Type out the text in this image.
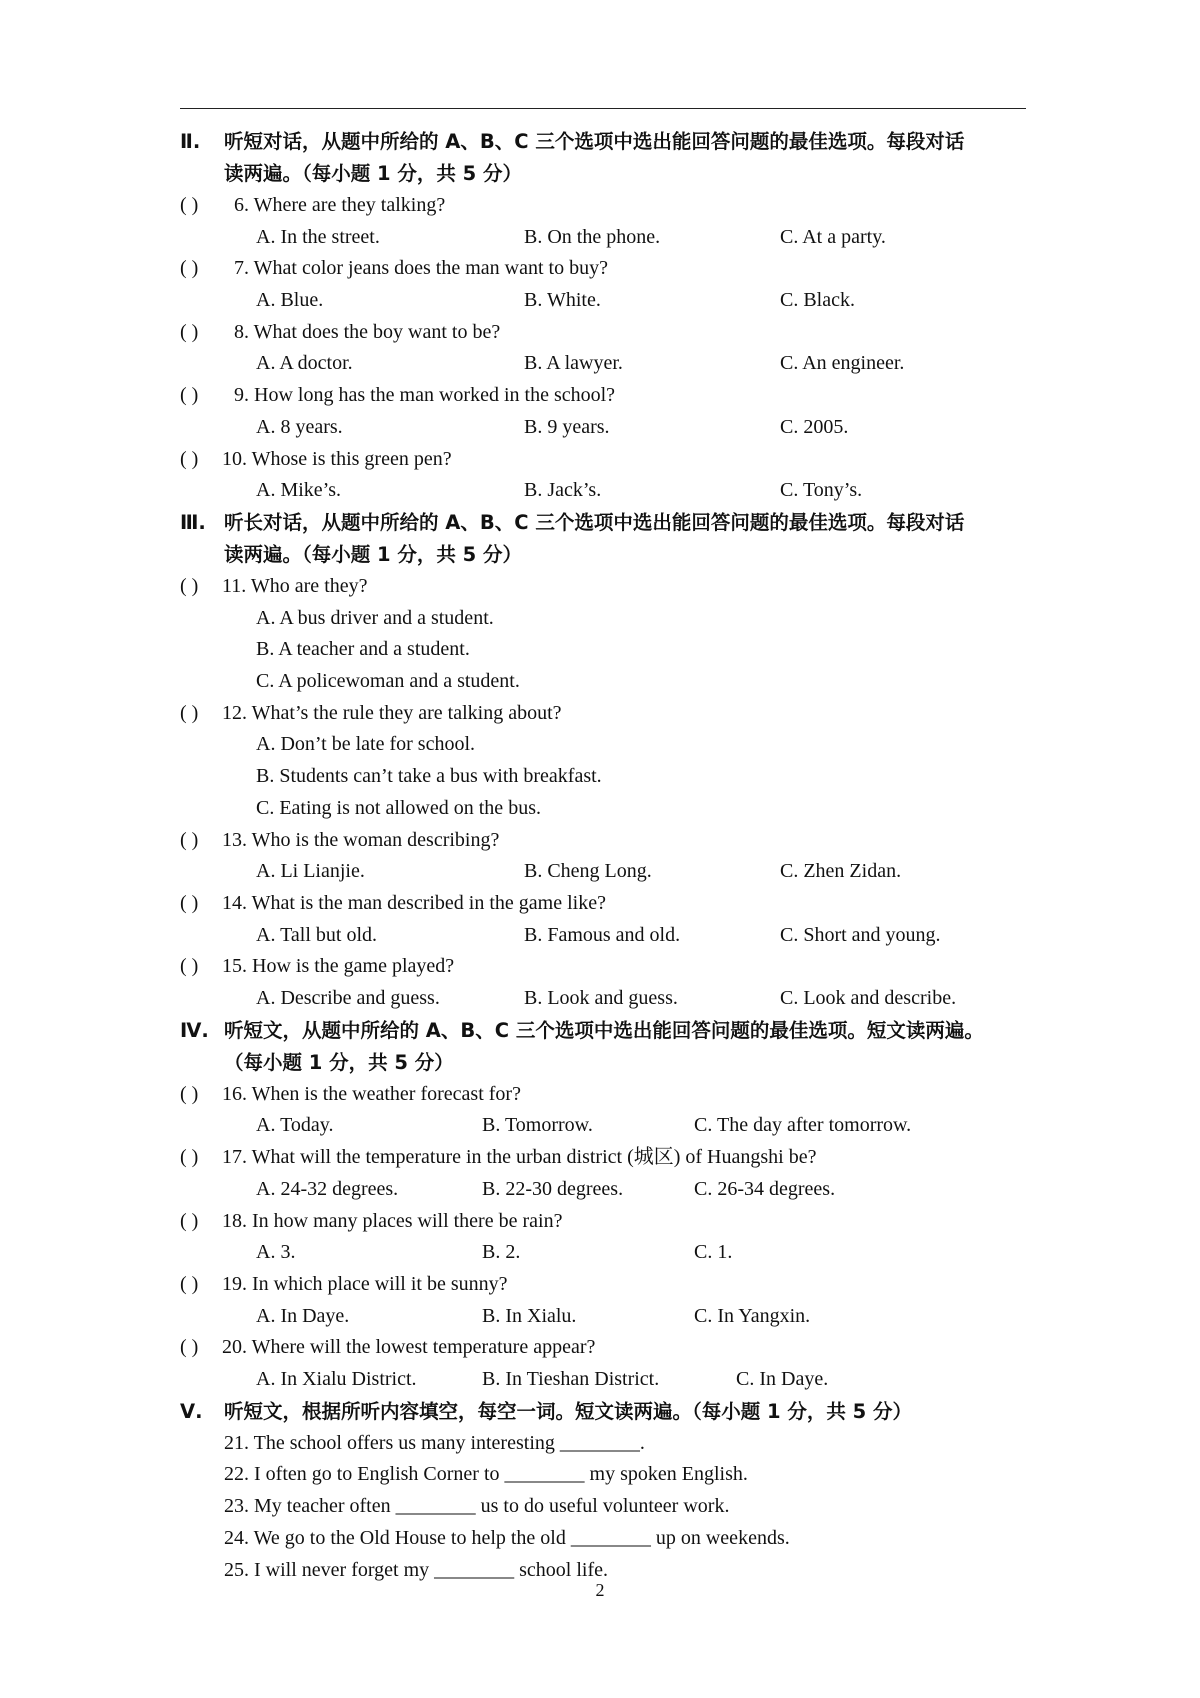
Ⅱ. 听短对话，从题中所给的 A、B、C 三个选项中选出能回答问题的最佳选项。每段对话
读两遍。（每小题 1 分，共 5 分）
( ) 6. Where are they talking?
A. In the street.	B. On the phone.	C. At a party.
( ) 7. What color jeans does the man want to buy?
A. Blue.	B. White.	C. Black.
( ) 8. What does the boy want to be?
A. A doctor.	B. A lawyer.	C. An engineer.
( ) 9. How long has the man worked in the school?
A. 8 years.	B. 9 years.	C. 2005.
( ) 10. Whose is this green pen?
A. Mike’s.	B. Jack’s.	C. Tony’s.
Ⅲ. 听长对话，从题中所给的 A、B、C 三个选项中选出能回答问题的最佳选项。每段对话
读两遍。（每小题 1 分，共 5 分）
( ) 11. Who are they?
A. A bus driver and a student.
B. A teacher and a student.
C. A policewoman and a student.
( ) 12. What’s the rule they are talking about?
A. Don’t be late for school.
B. Students can’t take a bus with breakfast.
C. Eating is not allowed on the bus.
( ) 13. Who is the woman describing?
A. Li Lianjie.	B. Cheng Long.	C. Zhen Zidan.
( ) 14. What is the man described in the game like?
A. Tall but old.	B. Famous and old.	C. Short and young.
( ) 15. How is the game played?
A. Describe and guess.	B. Look and guess.	C. Look and describe.
Ⅳ. 听短文，从题中所给的 A、B、C 三个选项中选出能回答问题的最佳选项。短文读两遍。
（每小题 1 分，共 5 分）
( ) 16. When is the weather forecast for?
A. Today.	B. Tomorrow.	C. The day after tomorrow.
( ) 17. What will the temperature in the urban district (城区) of Huangshi be?
A. 24-32 degrees.	B. 22-30 degrees.	C. 26-34 degrees.
( ) 18. In how many places will there be rain?
A. 3.	B. 2.	C. 1.
( ) 19. In which place will it be sunny?
A. In Daye.	B. In Xialu.	C. In Yangxin.
( ) 20. Where will the lowest temperature appear?
A. In Xialu District.	B. In Tieshan District.	C. In Daye.
Ⅴ. 听短文，根据所听内容填空，每空一词。短文读两遍。（每小题 1 分，共 5 分）
21. The school offers us many interesting ________.
22. I often go to English Corner to ________ my spoken English.
23. My teacher often ________ us to do useful volunteer work.
24. We go to the Old House to help the old ________ up on weekends.
25. I will never forget my ________ school life.
2
